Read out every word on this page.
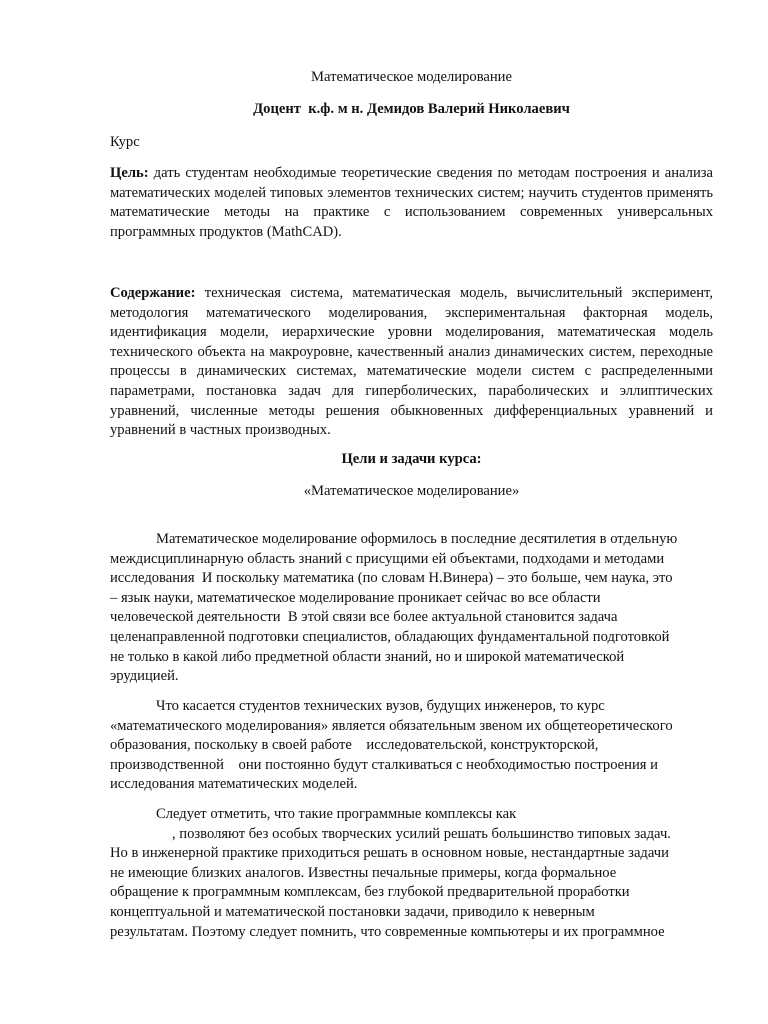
Математическое моделирование

Доцент  к.ф. м н. Демидов Валерий Николаевич

Курс

Цель: дать студентам необходимые теоретические сведения по методам построения и анализа математических моделей типовых элементов технических систем; научить студентов применять математические методы на практике с использованием современных универсальных программных продуктов (MathCAD).

Содержание: техническая система, математическая модель, вычислительный эксперимент, методология математического моделирования, экспериментальная факторная модель, идентификация модели, иерархические уровни моделирования, математическая модель технического объекта на макроуровне, качественный анализ динамических систем, переходные процессы в динамических системах, математические модели систем с распределенными параметрами, постановка задач для гиперболических, параболических и эллиптических уравнений, численные методы решения обыкновенных дифференциальных уравнений и уравнений в частных производных.

Цели и задачи курса:

«Математическое моделирование»

Математическое моделирование оформилось в последние десятилетия в отдельную
междисциплинарную область знаний с присущими ей объектами, подходами и методами
исследования  И поскольку математика (по словам Н.Винера) – это больше, чем наука, это
– язык науки, математическое моделирование проникает сейчас во все области
человеческой деятельности  В этой связи все более актуальной становится задача
целенаправленной подготовки специалистов, обладающих фундаментальной подготовкой
не только в какой либо предметной области знаний, но и широкой математической
эрудицией.
Что касается студентов технических вузов, будущих инженеров, то курс
«математического моделирования» является обязательным звеном их общетеоретического
образования, поскольку в своей работе    исследовательской, конструкторской,
производственной    они постоянно будут сталкиваться с необходимостью построения и
исследования математических моделей.
Следует отметить, что такие программные комплексы как
, позволяют без особых творческих усилий решать большинство типовых задач.
Но в инженерной практике приходиться решать в основном новые, нестандартные задачи
не имеющие близких аналогов. Известны печальные примеры, когда формальное
обращение к программным комплексам, без глубокой предварительной проработки
концептуальной и математической постановки задачи, приводило к неверным
результатам. Поэтому следует помнить, что современные компьютеры и их программное
